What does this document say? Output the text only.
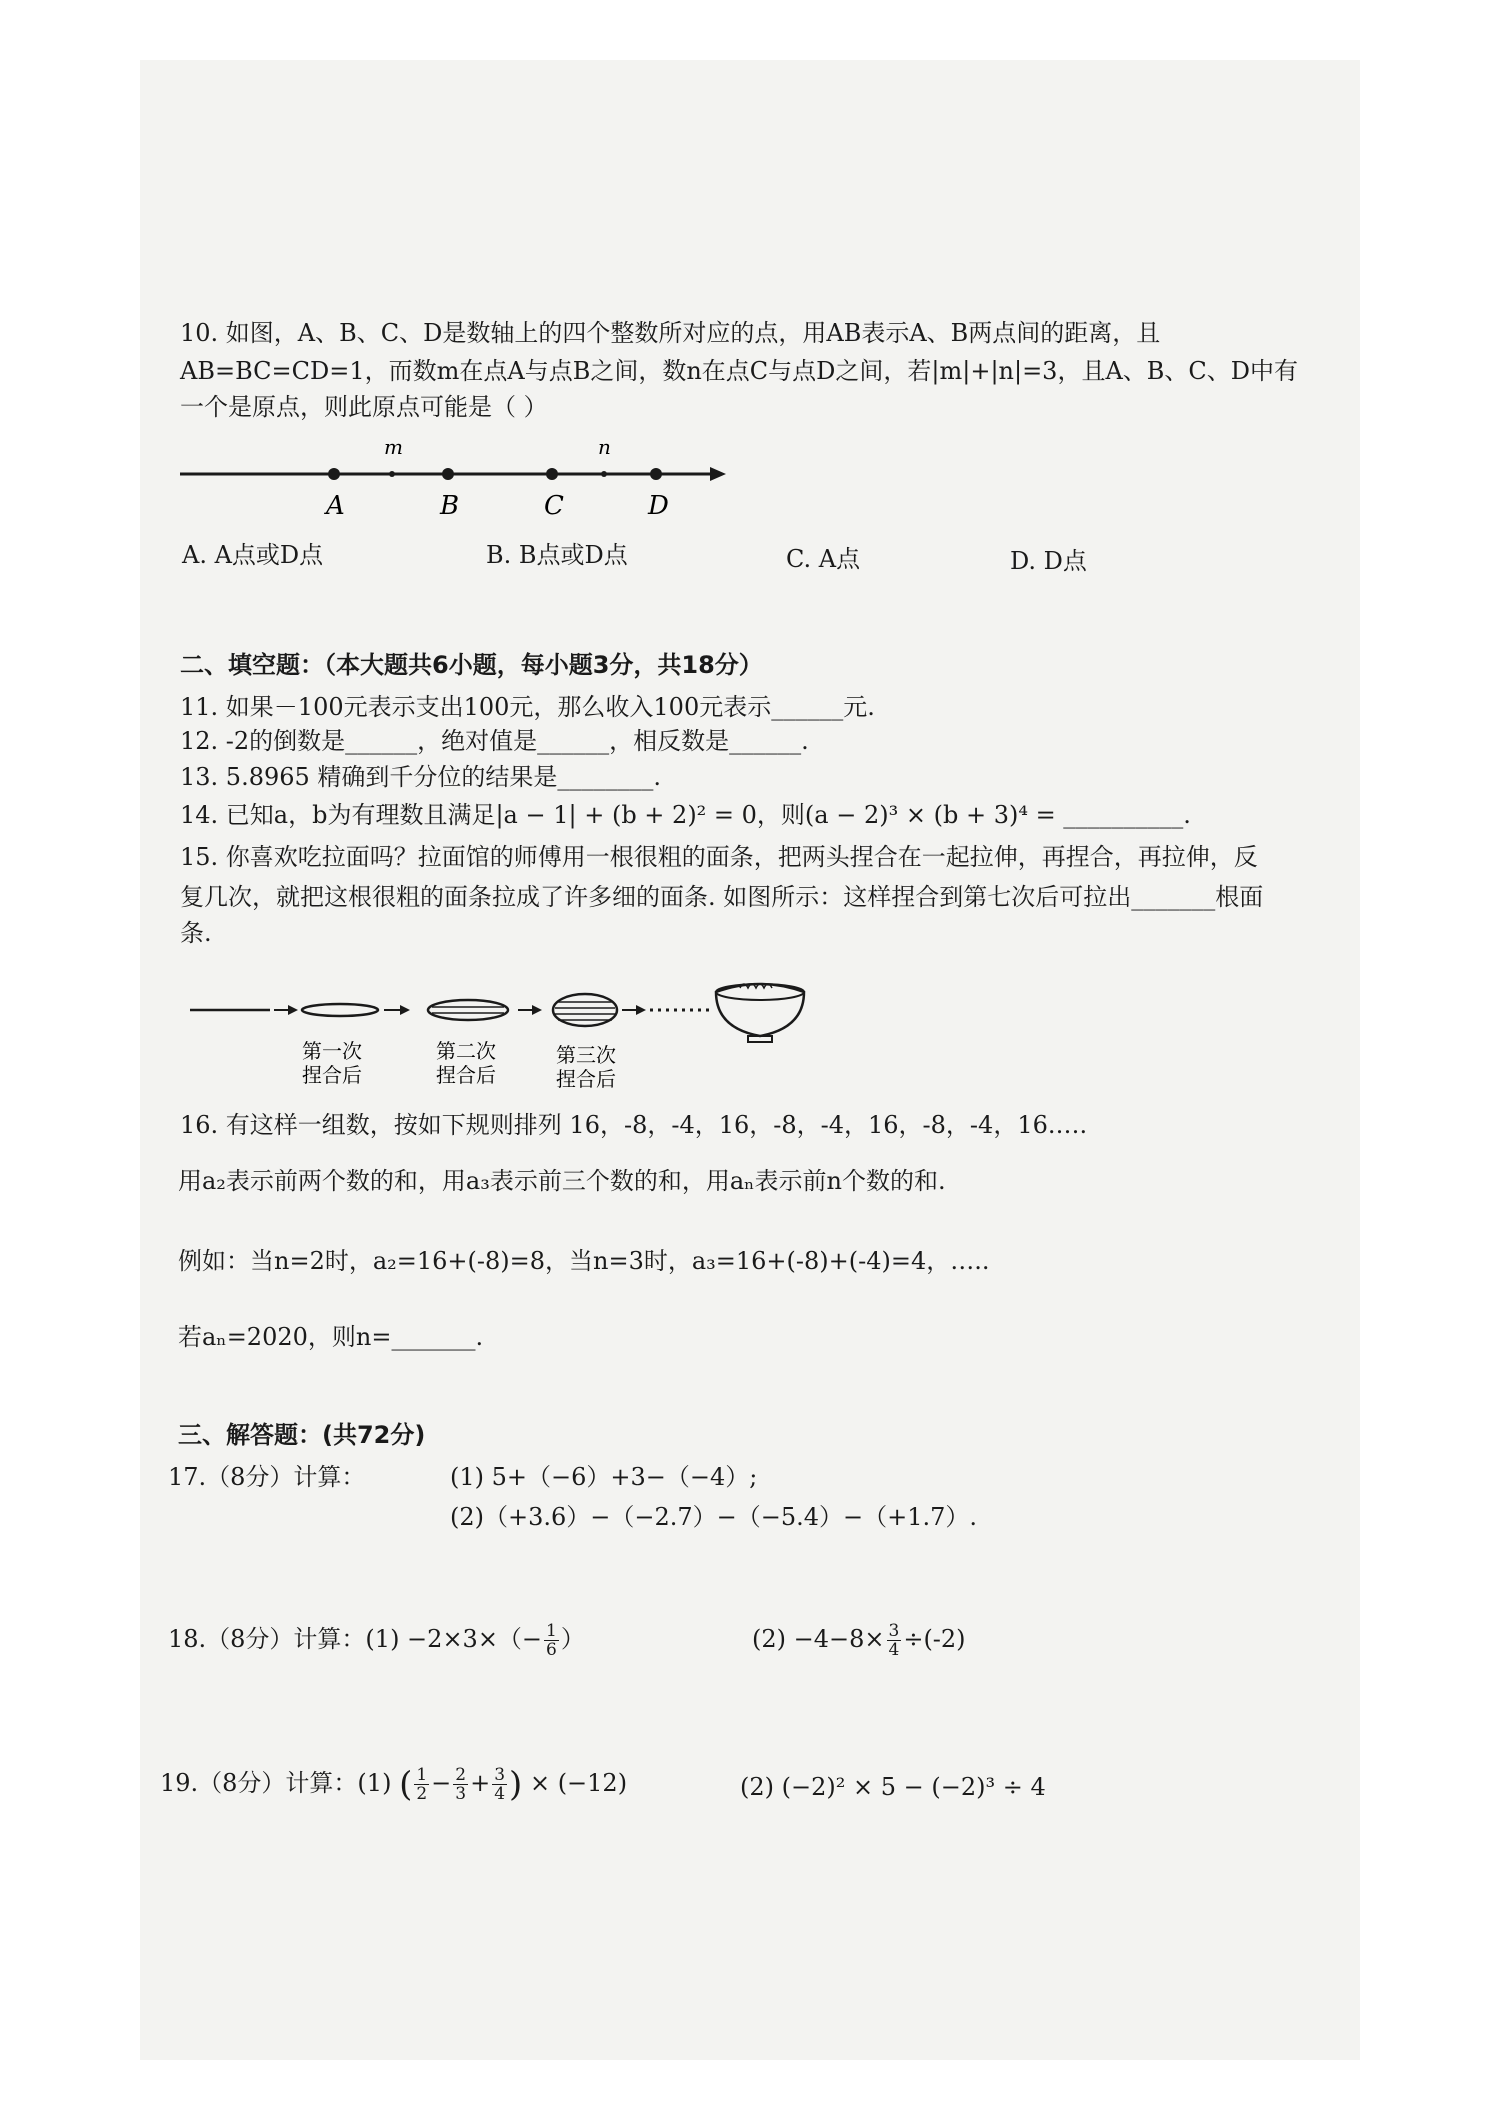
10. 如图，A、B、C、D是数轴上的四个整数所对应的点，用AB表示A、B两点间的距离，且
AB=BC=CD=1，而数m在点A与点B之间，数n在点C与点D之间，若|m|+|n|=3，且A、B、C、D中有
一个是原点，则此原点可能是（ ）
m	n
A	B	C	D
A. A点或D点	B. B点或D点	C. A点	D. D点
二、填空题：（本大题共6小题，每小题3分，共18分）
11. 如果－100元表示支出100元，那么收入100元表示______元.
12. -2的倒数是______，绝对值是______，相反数是______.
13. 5.8965 精确到千分位的结果是________.
14. 已知a，b为有理数且满足|a − 1| + (b + 2)² = 0，则(a − 2)³ × (b + 3)⁴ = __________.
15. 你喜欢吃拉面吗？拉面馆的师傅用一根很粗的面条，把两头捏合在一起拉伸，再捏合，再拉伸，反
复几次，就把这根很粗的面条拉成了许多细的面条. 如图所示：这样捏合到第七次后可拉出_______根面
条.
第一次
捏合后
第二次
捏合后
第三次
捏合后
16. 有这样一组数，按如下规则排列 16，-8，-4，16，-8，-4，16，-8，-4，16.….
用a₂表示前两个数的和，用a₃表示前三个数的和，用aₙ表示前n个数的和.
例如：当n=2时，a₂=16+(-8)=8，当n=3时，a₃=16+(-8)+(-4)=4，…..
若aₙ=2020，则n=_______.
三、解答题：(共72分)
17.（8分）计算：	(1) 5+（−6）+3−（−4）;
(2)（+3.6）−（−2.7）−（−5.4）−（+1.7）.
18.（8分）计算：$(1) -2\times 3\times(- \frac{1}{6}$ ）	$(2) -4-8\times \frac{3}{4} \div(-2)$
19.（8分）计算：(1) ( $\frac{1}{2} - \frac{2}{3} + \frac{3}{4}$ ) × (−12)	(2) (−2)² × 5 − (−2)³ ÷ 4
